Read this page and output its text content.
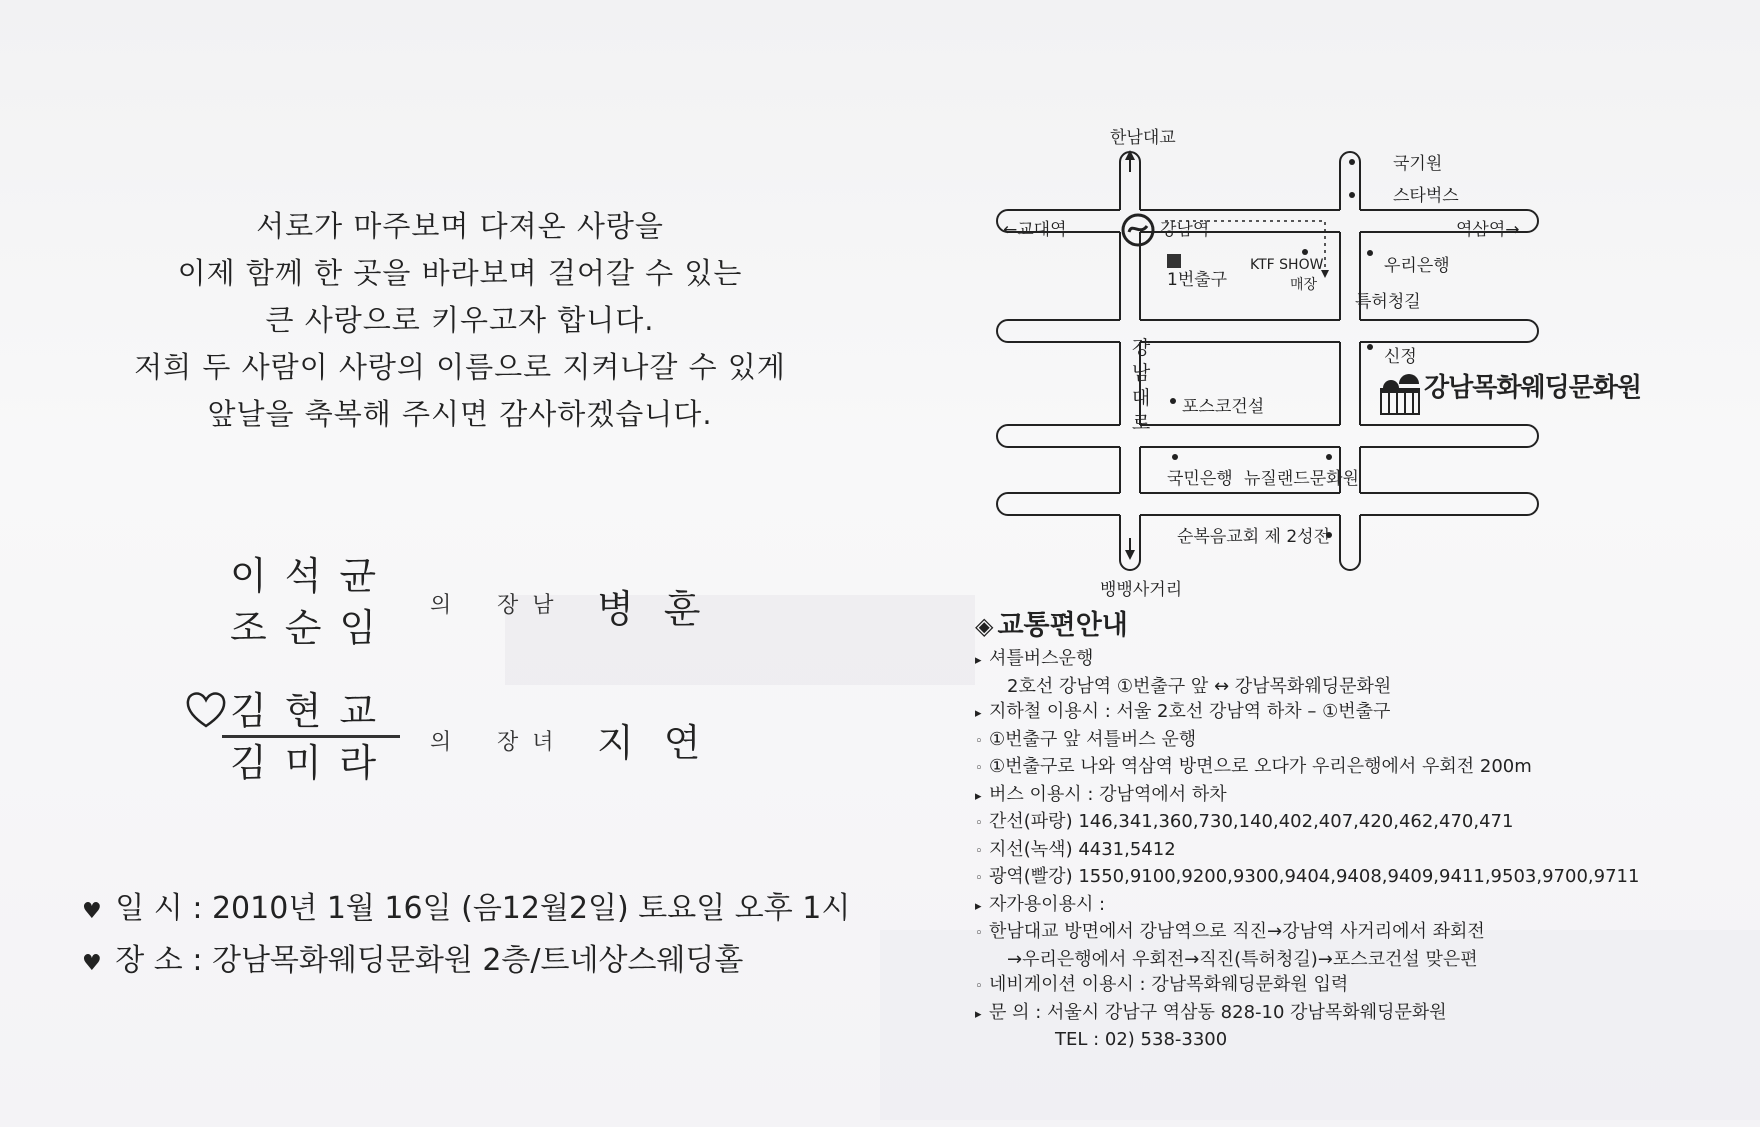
서로가 마주보며 다져온 사랑을
이제 함께 한 곳을 바라보며 걸어갈 수 있는
큰 사랑으로 키우고자 합니다.
저희 두 사람이 사랑의 이름으로 지켜나갈 수 있게
앞날을 축복해 주시면 감사하겠습니다.
이석균
조순임
의 장남 병훈
김현교
김미라 의 장녀 지연
♥ 일 시 : 2010년 1월 16일 (음12월2일) 토요일 오후 1시
♥ 장 소 : 강남목화웨딩문화원 2층/트네상스웨딩홀
한남대교
국기원
스타벅스
←교대역	강남역	역삼역→
1번출구
KTF SHOW
매장
우리은행
특허청길
강남대로
신정
강남목화웨딩문화원
포스코건설
국민은행 뉴질랜드문화원
순복음교회 제 2성전
뱅뱅사거리
◈ 교통편안내
▸ 셔틀버스운행
2호선 강남역 ①번출구 앞 ↔ 강남목화웨딩문화원
▸ 지하철 이용시 : 서울 2호선 강남역 하차 – ①번출구
◦ ①번출구 앞 셔틀버스 운행
◦ ①번출구로 나와 역삼역 방면으로 오다가 우리은행에서 우회전 200m
▸ 버스 이용시 : 강남역에서 하차
◦ 간선(파랑) 146,341,360,730,140,402,407,420,462,470,471
◦ 지선(녹색) 4431,5412
◦ 광역(빨강) 1550,9100,9200,9300,9404,9408,9409,9411,9503,9700,9711
▸ 자가용이용시 :
◦ 한남대교 방면에서 강남역으로 직진→강남역 사거리에서 좌회전
→우리은행에서 우회전→직진(특허청길)→포스코건설 맞은편
◦ 네비게이션 이용시 : 강남목화웨딩문화원 입력
▸ 문 의 : 서울시 강남구 역삼동 828-10 강남목화웨딩문화원
TEL : 02) 538-3300
